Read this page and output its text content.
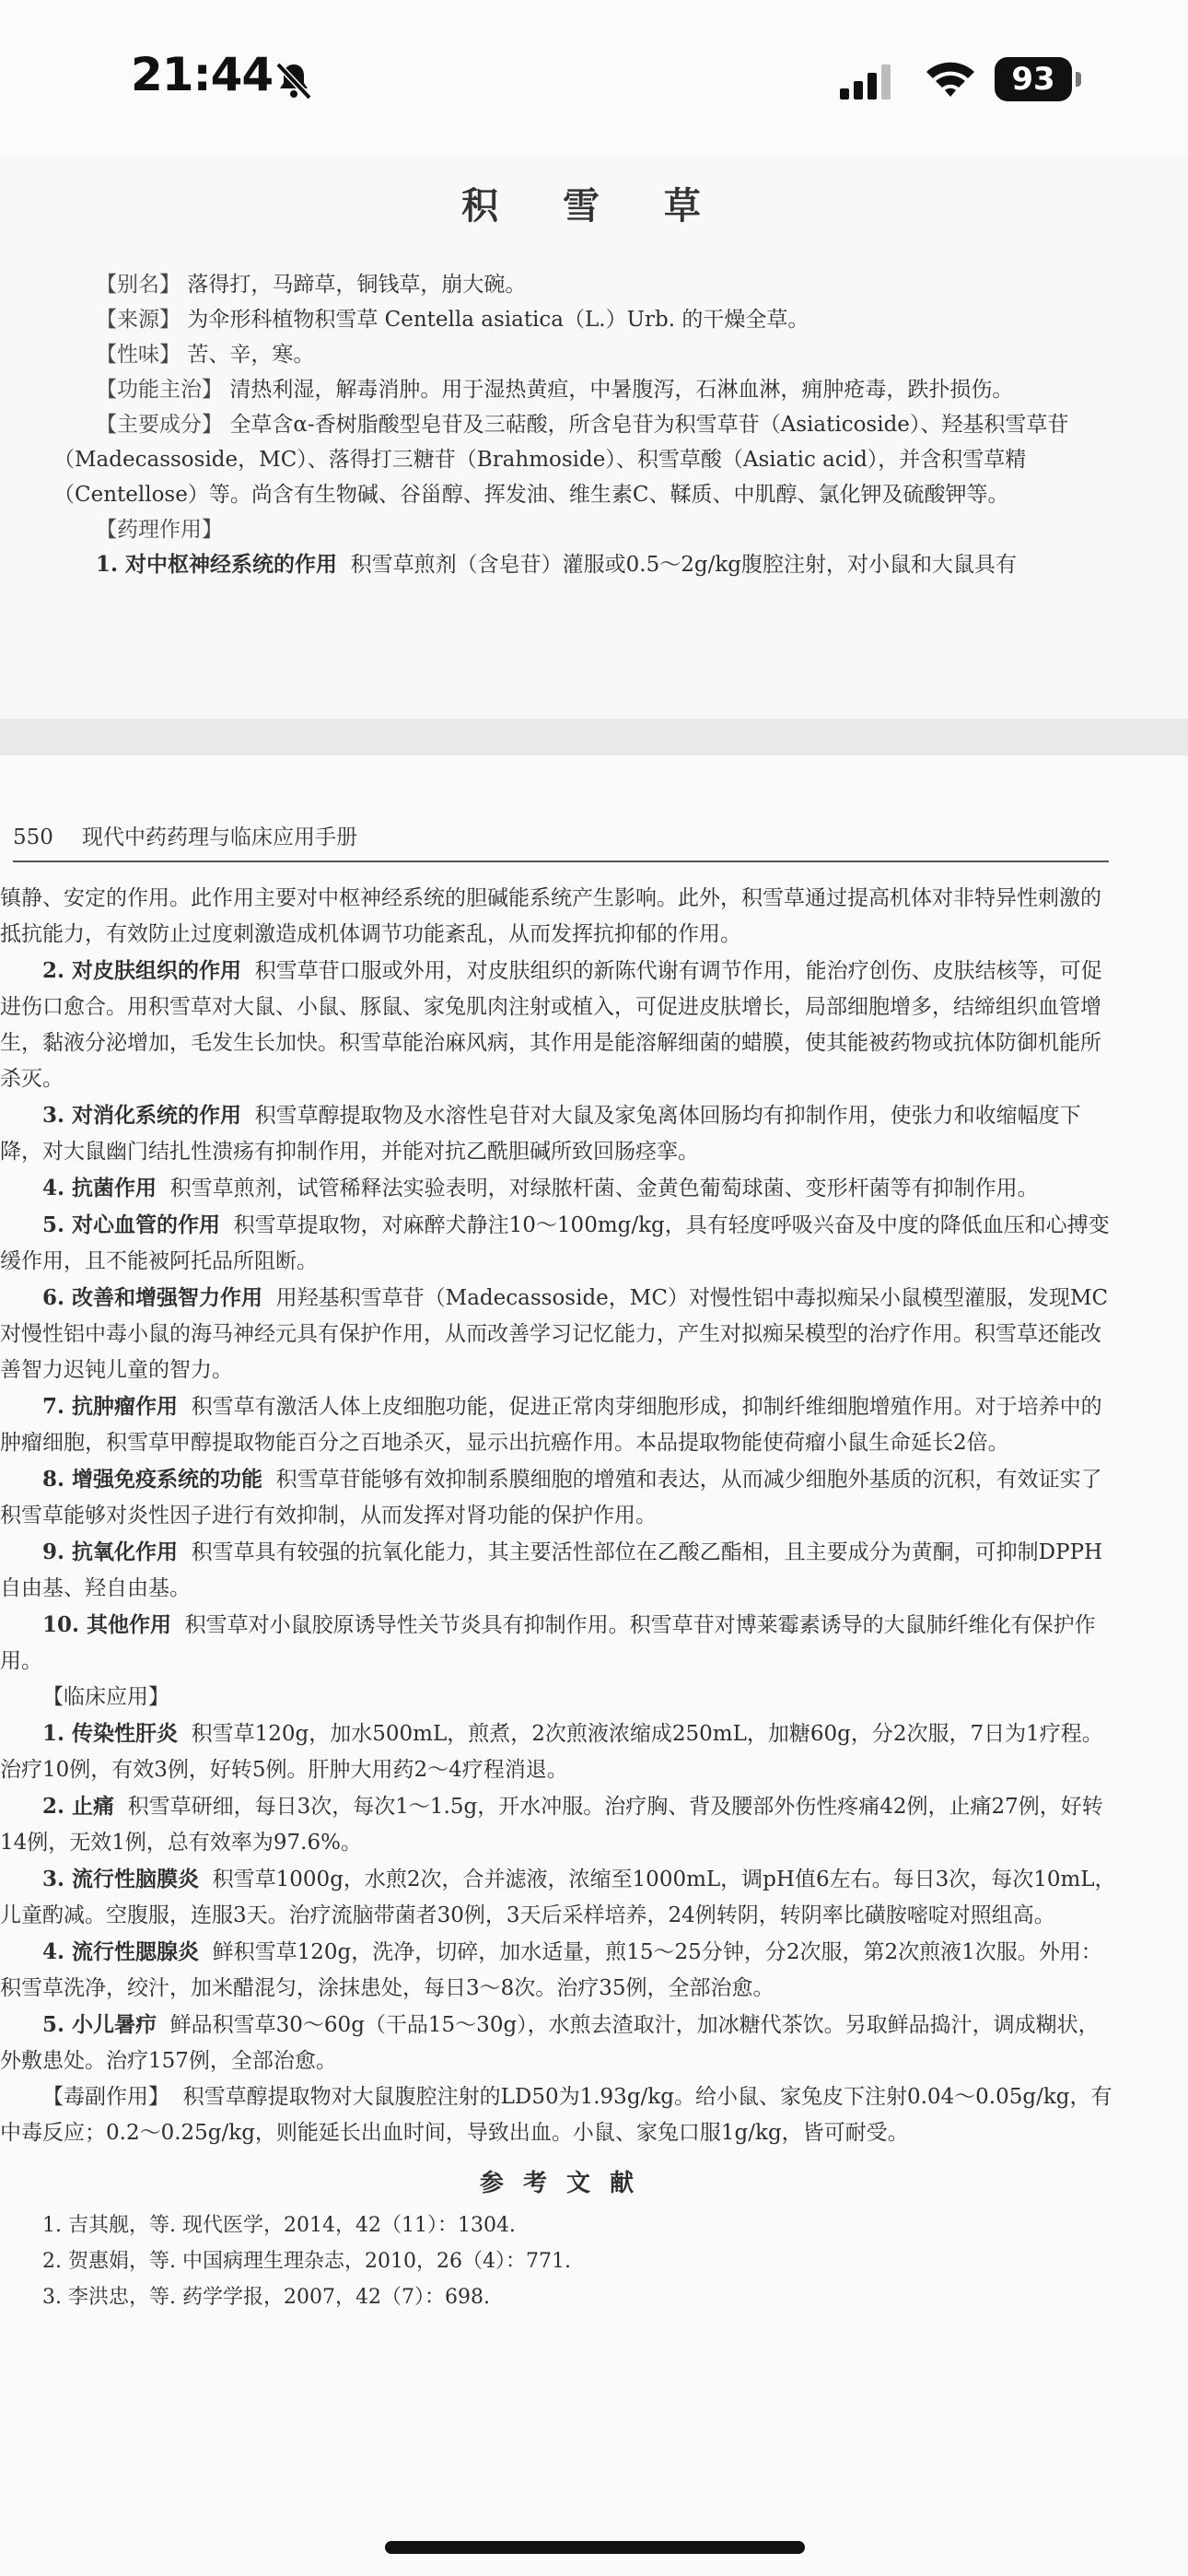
21:44	93
积 雪 草

【别名】 落得打，马蹄草，铜钱草，崩大碗。

【来源】 为伞形科植物积雪草 Centella asiatica（L.）Urb. 的干燥全草。

【性味】 苦、辛，寒。

【功能主治】 清热利湿，解毒消肿。用于湿热黄疸，中暑腹泻，石淋血淋，痈肿疮毒，跌扑损伤。

【主要成分】 全草含α-香树脂酸型皂苷及三萜酸，所含皂苷为积雪草苷（Asiaticoside）、羟基积雪草苷（Madecassoside，MC）、落得打三糖苷（Brahmoside）、积雪草酸（Asiatic acid），并含积雪草精（Centellose）等。尚含有生物碱、谷甾醇、挥发油、维生素C、鞣质、中肌醇、氯化钾及硫酸钾等。

【药理作用】

1. 对中枢神经系统的作用 积雪草煎剂（含皂苷）灌服或0.5～2g/kg腹腔注射，对小鼠和大鼠具有

550 现代中药药理与临床应用手册

镇静、安定的作用。此作用主要对中枢神经系统的胆碱能系统产生影响。此外，积雪草通过提高机体对非特异性刺激的抵抗能力，有效防止过度刺激造成机体调节功能紊乱，从而发挥抗抑郁的作用。

2. 对皮肤组织的作用 积雪草苷口服或外用，对皮肤组织的新陈代谢有调节作用，能治疗创伤、皮肤结核等，可促进伤口愈合。用积雪草对大鼠、小鼠、豚鼠、家兔肌肉注射或植入，可促进皮肤增长，局部细胞增多，结缔组织血管增生，黏液分泌增加，毛发生长加快。积雪草能治麻风病，其作用是能溶解细菌的蜡膜，使其能被药物或抗体防御机能所杀灭。

3. 对消化系统的作用 积雪草醇提取物及水溶性皂苷对大鼠及家兔离体回肠均有抑制作用，使张力和收缩幅度下降，对大鼠幽门结扎性溃疡有抑制作用，并能对抗乙酰胆碱所致回肠痉挛。

4. 抗菌作用 积雪草煎剂，试管稀释法实验表明，对绿脓杆菌、金黄色葡萄球菌、变形杆菌等有抑制作用。

5. 对心血管的作用 积雪草提取物，对麻醉犬静注10～100mg/kg，具有轻度呼吸兴奋及中度的降低血压和心搏变缓作用，且不能被阿托品所阻断。

6. 改善和增强智力作用 用羟基积雪草苷（Madecassoside，MC）对慢性铝中毒拟痴呆小鼠模型灌服，发现MC对慢性铝中毒小鼠的海马神经元具有保护作用，从而改善学习记忆能力，产生对拟痴呆模型的治疗作用。积雪草还能改善智力迟钝儿童的智力。

7. 抗肿瘤作用 积雪草有激活人体上皮细胞功能，促进正常肉芽细胞形成，抑制纤维细胞增殖作用。对于培养中的肿瘤细胞，积雪草甲醇提取物能百分之百地杀灭，显示出抗癌作用。本品提取物能使荷瘤小鼠生命延长2倍。

8. 增强免疫系统的功能 积雪草苷能够有效抑制系膜细胞的增殖和表达，从而减少细胞外基质的沉积，有效证实了积雪草能够对炎性因子进行有效抑制，从而发挥对肾功能的保护作用。

9. 抗氧化作用 积雪草具有较强的抗氧化能力，其主要活性部位在乙酸乙酯相，且主要成分为黄酮，可抑制DPPH自由基、羟自由基。

10. 其他作用 积雪草对小鼠胶原诱导性关节炎具有抑制作用。积雪草苷对博莱霉素诱导的大鼠肺纤维化有保护作用。

【临床应用】

1. 传染性肝炎 积雪草120g，加水500mL，煎煮，2次煎液浓缩成250mL，加糖60g，分2次服，7日为1疗程。治疗10例，有效3例，好转5例。肝肿大用药2～4疗程消退。

2. 止痛 积雪草研细，每日3次，每次1～1.5g，开水冲服。治疗胸、背及腰部外伤性疼痛42例，止痛27例，好转14例，无效1例，总有效率为97.6%。

3. 流行性脑膜炎 积雪草1000g，水煎2次，合并滤液，浓缩至1000mL，调pH值6左右。每日3次，每次10mL，儿童酌减。空腹服，连服3天。治疗流脑带菌者30例，3天后采样培养，24例转阴，转阴率比磺胺嘧啶对照组高。

4. 流行性腮腺炎 鲜积雪草120g，洗净，切碎，加水适量，煎15～25分钟，分2次服，第2次煎液1次服。外用：积雪草洗净，绞汁，加米醋混匀，涂抹患处，每日3～8次。治疗35例，全部治愈。

5. 小儿暑疖 鲜品积雪草30～60g（干品15～30g），水煎去渣取汁，加冰糖代茶饮。另取鲜品捣汁，调成糊状，外敷患处。治疗157例，全部治愈。

【毒副作用】 积雪草醇提取物对大鼠腹腔注射的LD50为1.93g/kg。给小鼠、家兔皮下注射0.04～0.05g/kg，有中毒反应；0.2～0.25g/kg，则能延长出血时间，导致出血。小鼠、家兔口服1g/kg，皆可耐受。

参 考 文 献

1. 吉其舰，等. 现代医学，2014，42（11）：1304.

2. 贺惠娟，等. 中国病理生理杂志，2010，26（4）：771.

3. 李洪忠，等. 药学学报，2007，42（7）：698.
